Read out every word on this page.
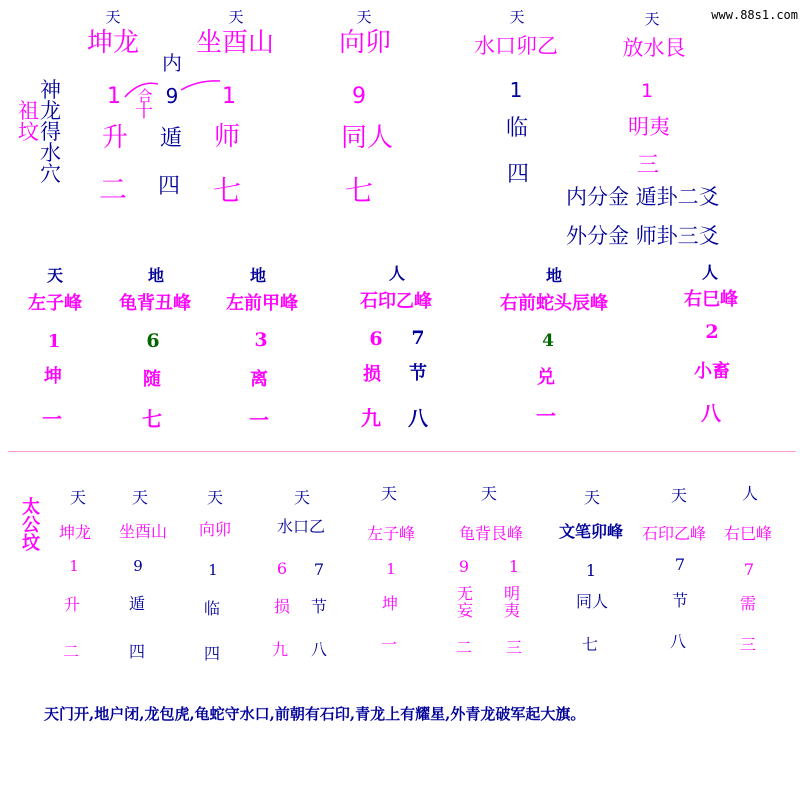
www.88s1.com
祖
坟
神
龙
得
水
穴
天
坤龙
1
升
二
内
合
十
9
遁
四
天
坐酉山
1
师
七
天
向卯
9
同人
七
天
水口卯乙
1
临
四
天
放水艮
1
明夷
三
内分金 遁卦二爻
外分金 师卦三爻
天
左子峰
1
坤
一
地
龟背丑峰
6
随
七
地
左前甲峰
3
离
一
人
石印乙峰
6 7
损 节
九 八
地
右前蛇头辰峰
4
兑
一
人
右巳峰
2
小畜
八
太
公
坟
天
坤龙
1
升
二
天
坐酉山
9
遁
四
天
向卯
1
临
四
天
水口乙
6 7
损 节
九 八
天
左子峰
1
坤
一
天
龟背艮峰
9 1
无妄
明夷
二 三
天
文笔卯峰
1
同人
七
天
石印乙峰
7
节
八
人
右巳峰
7
需
三
天门开,地户闭,龙包虎,龟蛇守水口,前朝有石印,青龙上有耀星,外青龙破军起大旗。
